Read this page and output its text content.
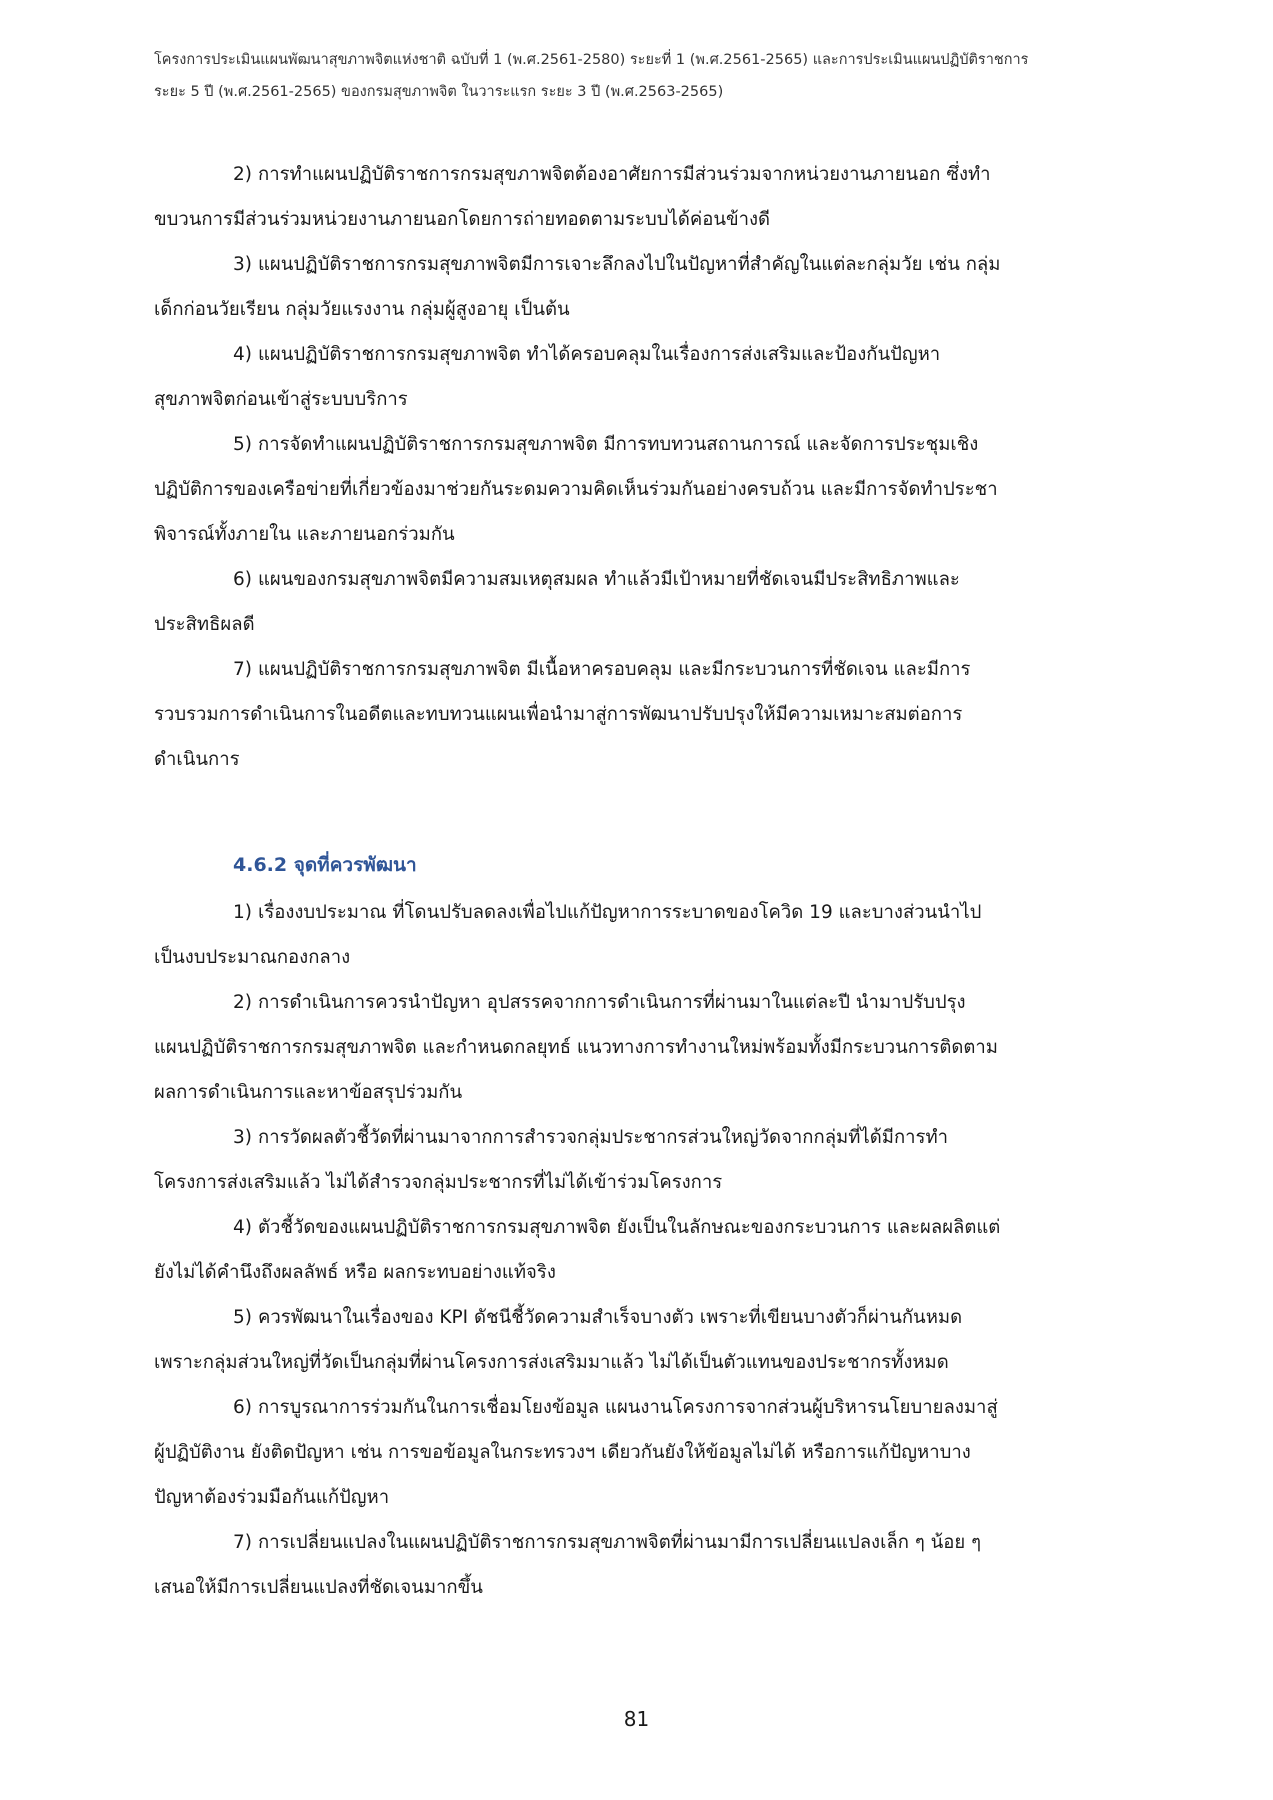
โครงการประเมินแผนพัฒนาสุขภาพจิตแห่งชาติ ฉบับที่ 1 (พ.ศ.2561-2580) ระยะที่ 1 (พ.ศ.2561-2565) และการประเมินแผนปฏิบัติราชการ
ระยะ 5 ปี (พ.ศ.2561-2565) ของกรมสุขภาพจิต ในวาระแรก ระยะ 3 ปี (พ.ศ.2563-2565)
2) การทำแผนปฏิบัติราชการกรมสุขภาพจิตต้องอาศัยการมีส่วนร่วมจากหน่วยงานภายนอก ซึ่งทำ
ขบวนการมีส่วนร่วมหน่วยงานภายนอกโดยการถ่ายทอดตามระบบได้ค่อนข้างดี
3) แผนปฏิบัติราชการกรมสุขภาพจิตมีการเจาะลึกลงไปในปัญหาที่สำคัญในแต่ละกลุ่มวัย เช่น กลุ่ม
เด็กก่อนวัยเรียน กลุ่มวัยแรงงาน กลุ่มผู้สูงอายุ เป็นต้น
4) แผนปฏิบัติราชการกรมสุขภาพจิต ทำได้ครอบคลุมในเรื่องการส่งเสริมและป้องกันปัญหา
สุขภาพจิตก่อนเข้าสู่ระบบบริการ
5) การจัดทำแผนปฏิบัติราชการกรมสุขภาพจิต มีการทบทวนสถานการณ์ และจัดการประชุมเชิง
ปฏิบัติการของเครือข่ายที่เกี่ยวข้องมาช่วยกันระดมความคิดเห็นร่วมกันอย่างครบถ้วน และมีการจัดทำประชา
พิจารณ์ทั้งภายใน และภายนอกร่วมกัน
6) แผนของกรมสุขภาพจิตมีความสมเหตุสมผล ทำแล้วมีเป้าหมายที่ชัดเจนมีประสิทธิภาพและ
ประสิทธิผลดี
7) แผนปฏิบัติราชการกรมสุขภาพจิต มีเนื้อหาครอบคลุม และมีกระบวนการที่ชัดเจน และมีการ
รวบรวมการดำเนินการในอดีตและทบทวนแผนเพื่อนำมาสู่การพัฒนาปรับปรุงให้มีความเหมาะสมต่อการ
ดำเนินการ
4.6.2 จุดที่ควรพัฒนา
1) เรื่องงบประมาณ ที่โดนปรับลดลงเพื่อไปแก้ปัญหาการระบาดของโควิด 19 และบางส่วนนำไป
เป็นงบประมาณกองกลาง
2) การดำเนินการควรนำปัญหา อุปสรรคจากการดำเนินการที่ผ่านมาในแต่ละปี นำมาปรับปรุง
แผนปฏิบัติราชการกรมสุขภาพจิต และกำหนดกลยุทธ์ แนวทางการทำงานใหม่พร้อมทั้งมีกระบวนการติดตาม
ผลการดำเนินการและหาข้อสรุปร่วมกัน
3) การวัดผลตัวชี้วัดที่ผ่านมาจากการสำรวจกลุ่มประชากรส่วนใหญ่วัดจากกลุ่มที่ได้มีการทำ
โครงการส่งเสริมแล้ว ไม่ได้สำรวจกลุ่มประชากรที่ไม่ได้เข้าร่วมโครงการ
4) ตัวชี้วัดของแผนปฏิบัติราชการกรมสุขภาพจิต ยังเป็นในลักษณะของกระบวนการ และผลผลิตแต่
ยังไม่ได้คำนึงถึงผลลัพธ์ หรือ ผลกระทบอย่างแท้จริง
5) ควรพัฒนาในเรื่องของ KPI ดัชนีชี้วัดความสำเร็จบางตัว เพราะที่เขียนบางตัวก็ผ่านกันหมด
เพราะกลุ่มส่วนใหญ่ที่วัดเป็นกลุ่มที่ผ่านโครงการส่งเสริมมาแล้ว ไม่ได้เป็นตัวแทนของประชากรทั้งหมด
6) การบูรณาการร่วมกันในการเชื่อมโยงข้อมูล แผนงานโครงการจากส่วนผู้บริหารนโยบายลงมาสู่
ผู้ปฏิบัติงาน ยังติดปัญหา เช่น การขอข้อมูลในกระทรวงฯ เดียวกันยังให้ข้อมูลไม่ได้ หรือการแก้ปัญหาบาง
ปัญหาต้องร่วมมือกันแก้ปัญหา
7) การเปลี่ยนแปลงในแผนปฏิบัติราชการกรมสุขภาพจิตที่ผ่านมามีการเปลี่ยนแปลงเล็ก ๆ น้อย ๆ
เสนอให้มีการเปลี่ยนแปลงที่ชัดเจนมากขึ้น
81
